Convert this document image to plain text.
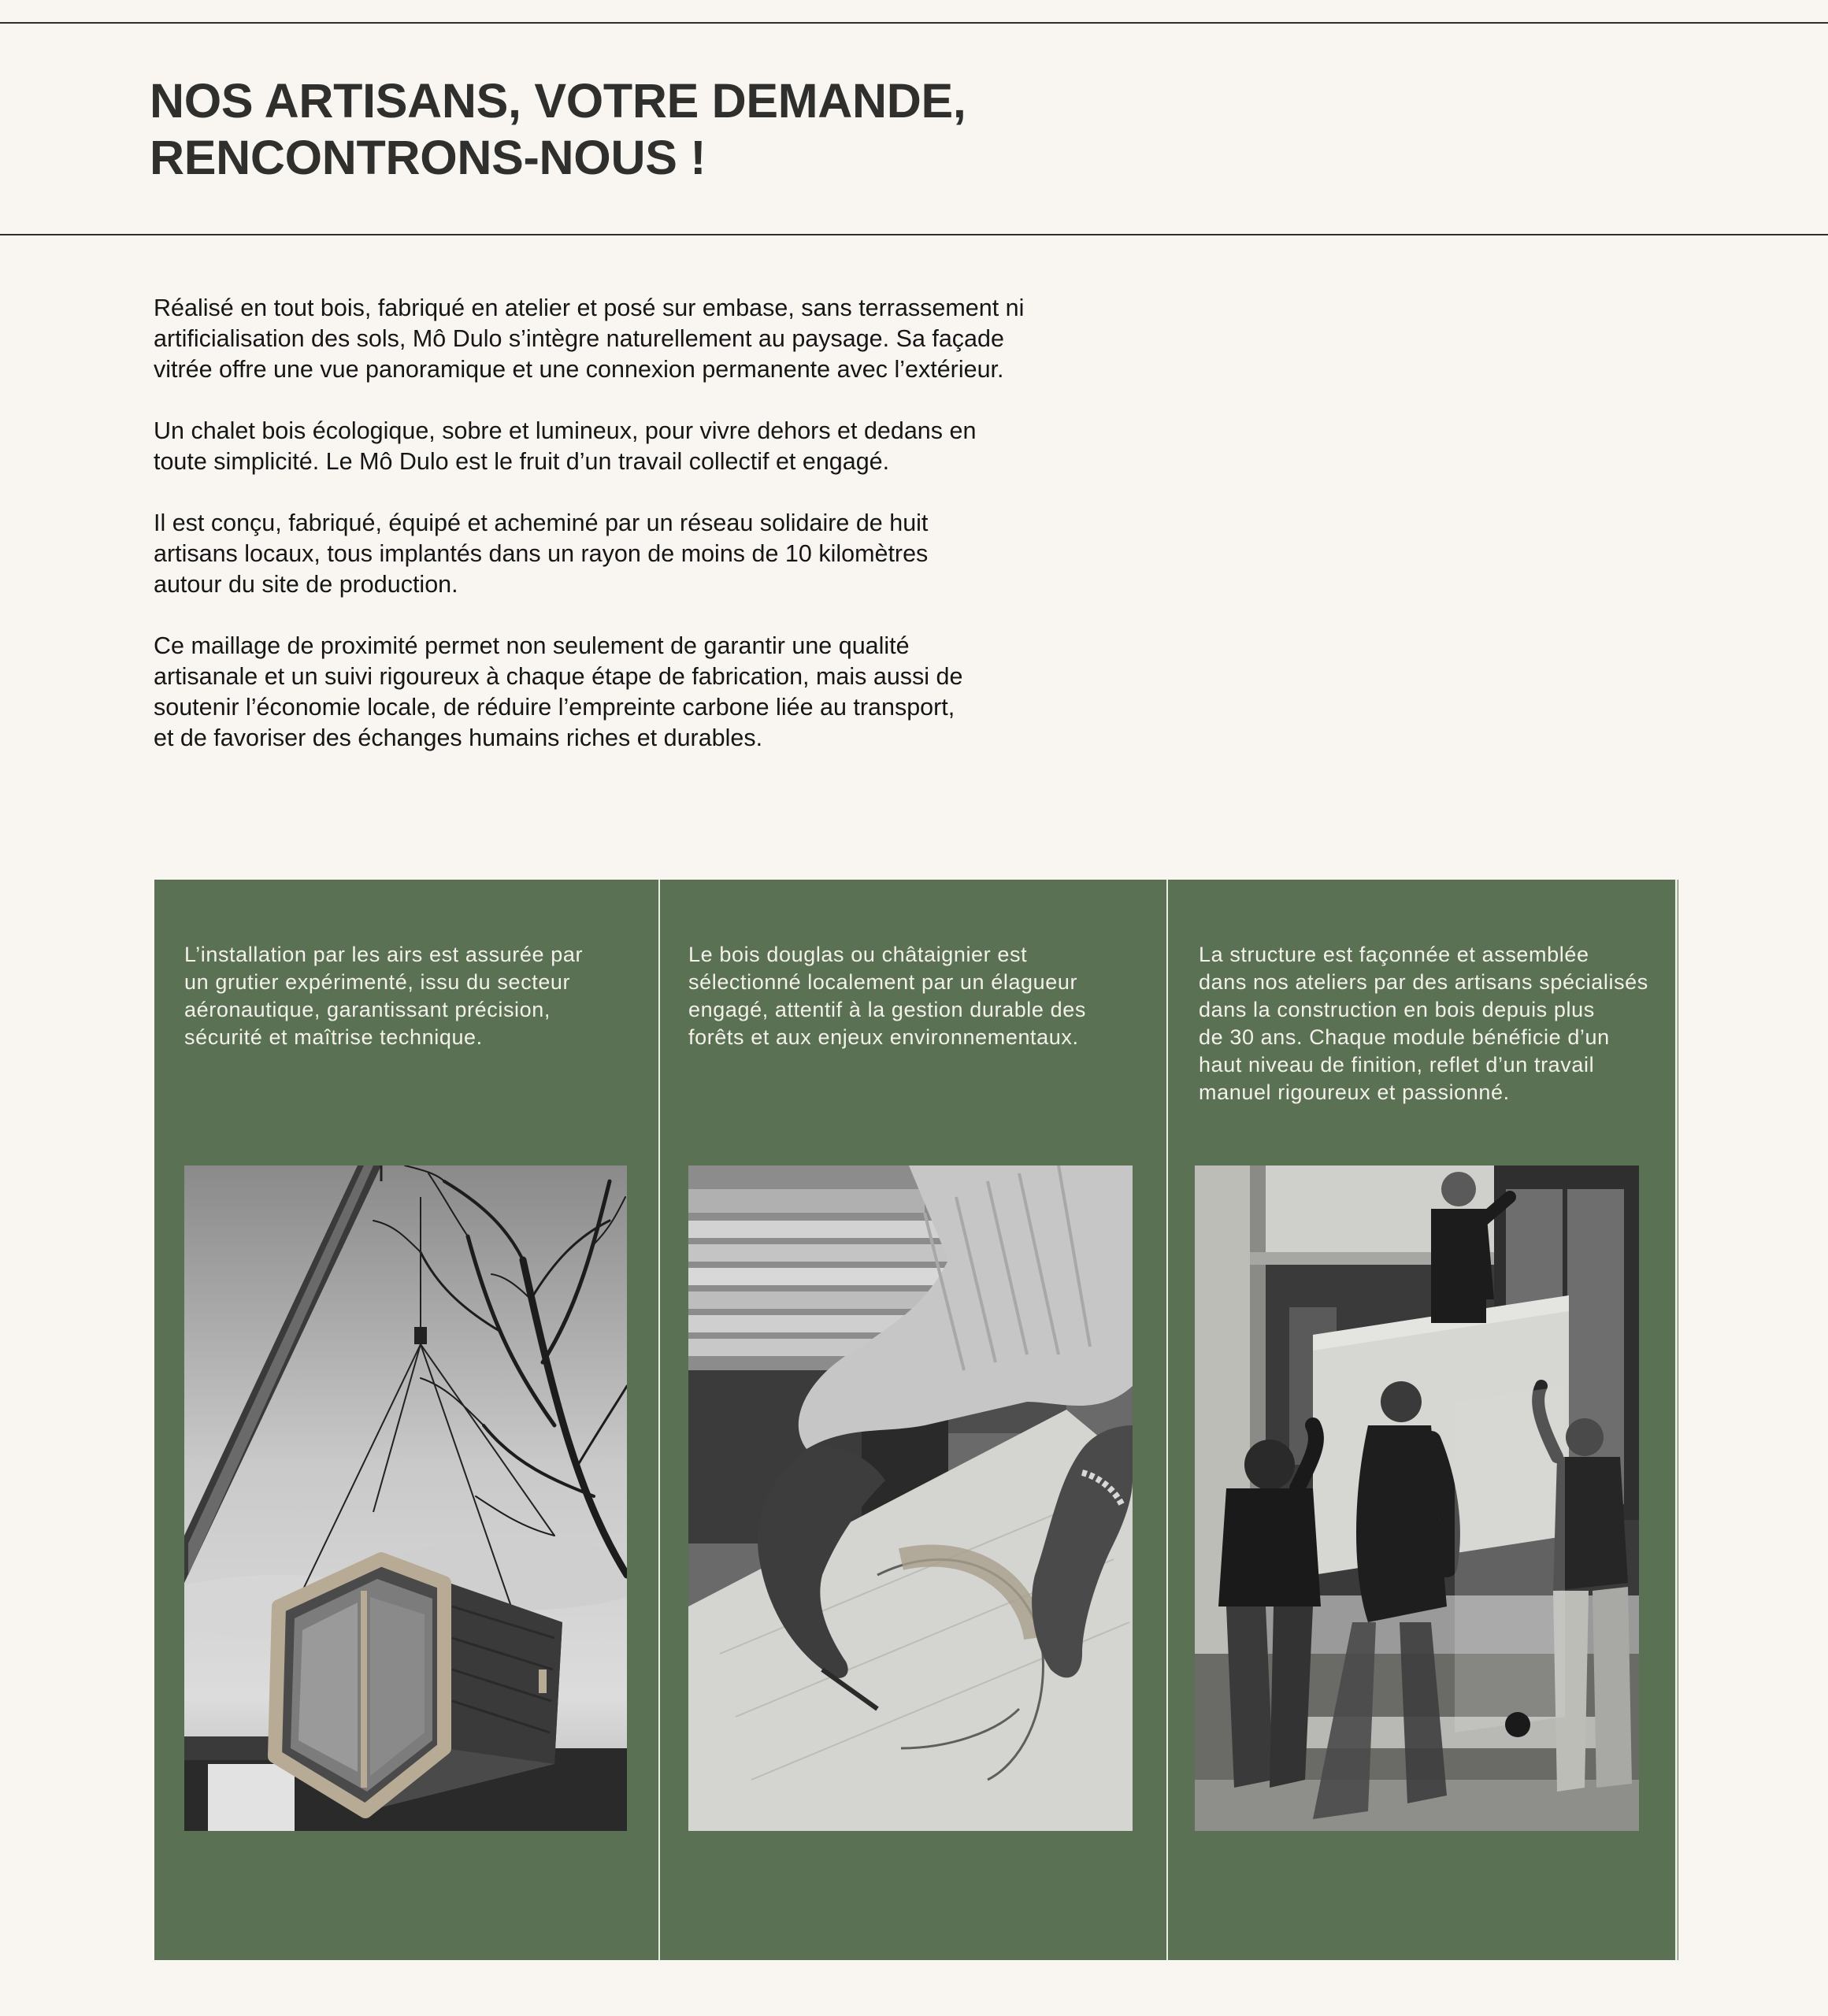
NOS ARTISANS, VOTRE DEMANDE,
RENCONTRONS-NOUS !

Réalisé en tout bois, fabriqué en atelier et posé sur embase, sans terrassement ni
artificialisation des sols, Mô Dulo s’intègre naturellement au paysage. Sa façade
vitrée offre une vue panoramique et une connexion permanente avec l’extérieur.

Un chalet bois écologique, sobre et lumineux, pour vivre dehors et dedans en
toute simplicité. Le Mô Dulo est le fruit d’un travail collectif et engagé.

Il est conçu, fabriqué, équipé et acheminé par un réseau solidaire de huit
artisans locaux, tous implantés dans un rayon de moins de 10 kilomètres
autour du site de production.

Ce maillage de proximité permet non seulement de garantir une qualité
artisanale et un suivi rigoureux à chaque étape de fabrication, mais aussi de
soutenir l’économie locale, de réduire l’empreinte carbone liée au transport,
et de favoriser des échanges humains riches et durables.

L’installation par les airs est assurée par
un grutier expérimenté, issu du secteur
aéronautique, garantissant précision,
sécurité et maîtrise technique.
Le bois douglas ou châtaignier est
sélectionné localement par un élagueur
engagé, attentif à la gestion durable des
forêts et aux enjeux environnementaux.
La structure est façonnée et assemblée
dans nos ateliers par des artisans spécialisés
dans la construction en bois depuis plus
de 30 ans. Chaque module bénéficie d’un
haut niveau de finition, reflet d’un travail
manuel rigoureux et passionné.
